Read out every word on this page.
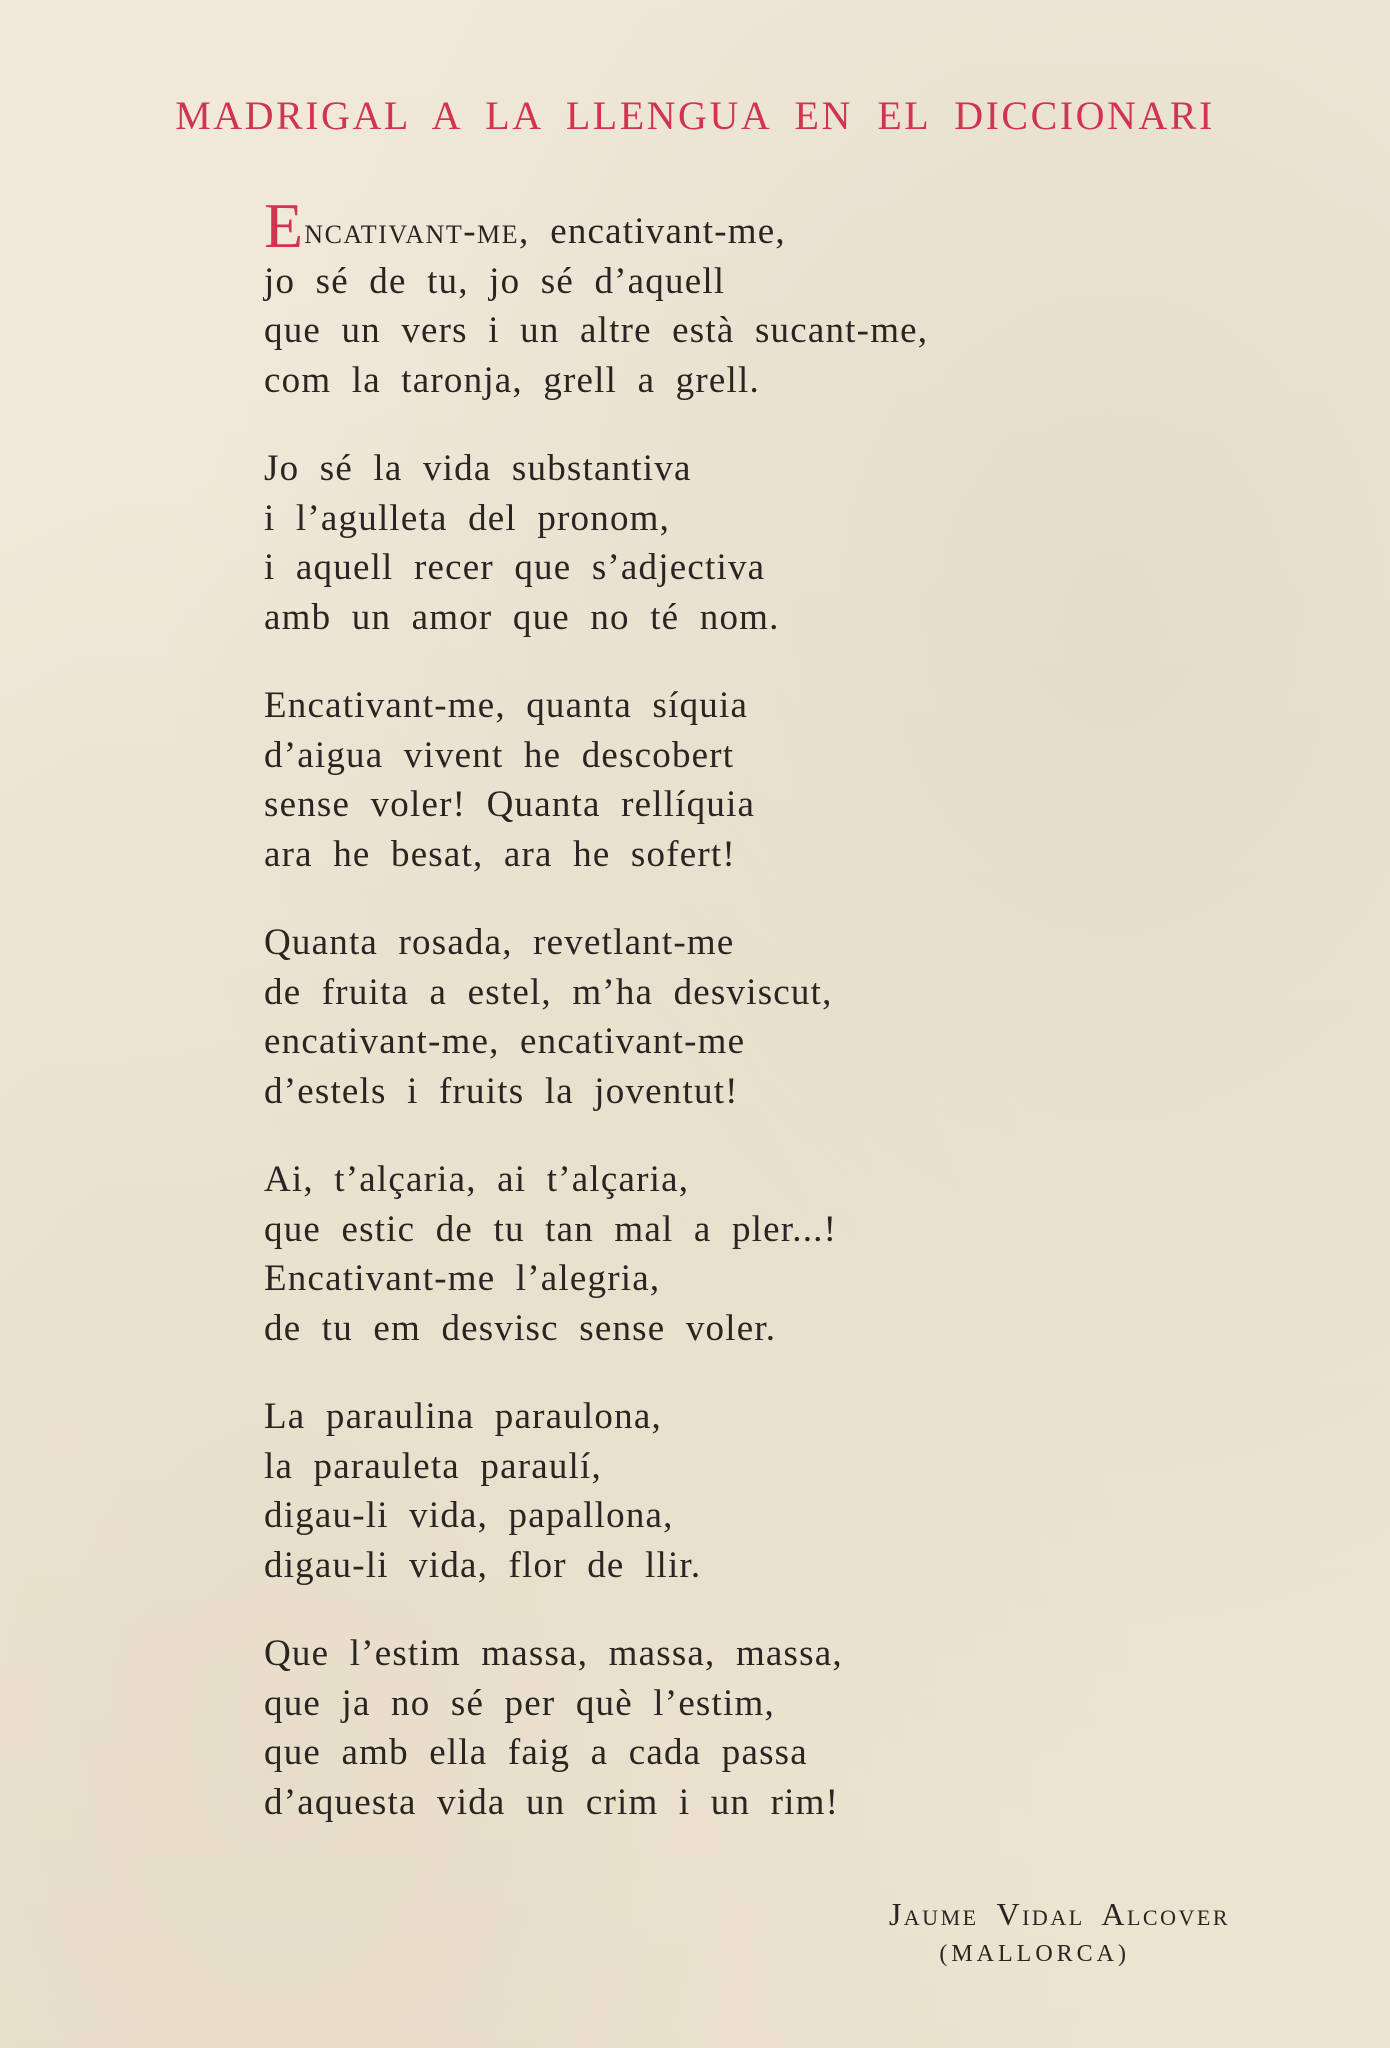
MADRIGAL A LA LLENGUA EN EL DICCIONARI
Encativant-me, encativant-me,
jo sé de tu, jo sé d’aquell
que un vers i un altre està sucant-me,
com la taronja, grell a grell.
Jo sé la vida substantiva
i l’agulleta del pronom,
i aquell recer que s’adjectiva
amb un amor que no té nom.
Encativant-me, quanta síquia
d’aigua vivent he descobert
sense voler! Quanta rellíquia
ara he besat, ara he sofert!
Quanta rosada, revetlant-me
de fruita a estel, m’ha desviscut,
encativant-me, encativant-me
d’estels i fruits la joventut!
Ai, t’alçaria, ai t’alçaria,
que estic de tu tan mal a pler...!
Encativant-me l’alegria,
de tu em desvisc sense voler.
La paraulina paraulona,
la parauleta paraulí,
digau-li vida, papallona,
digau-li vida, flor de llir.
Que l’estim massa, massa, massa,
que ja no sé per què l’estim,
que amb ella faig a cada passa
d’aquesta vida un crim i un rim!
Jaume Vidal Alcover
(MALLORCA)
